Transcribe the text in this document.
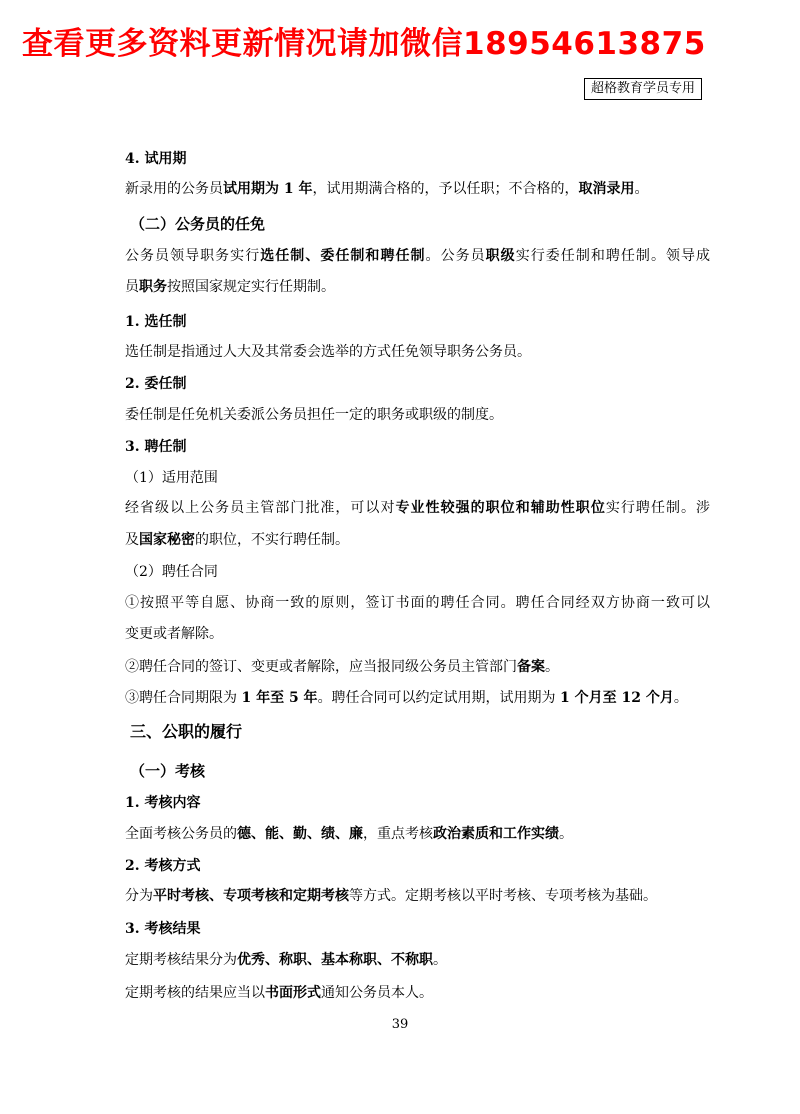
查看更多资料更新情况请加微信18954613875
超格教育学员专用
4. 试用期
新录用的公务员试用期为 1 年，试用期满合格的，予以任职；不合格的，取消录用。
（二）公务员的任免
公务员领导职务实行选任制、委任制和聘任制。公务员职级实行委任制和聘任制。领导成
员职务按照国家规定实行任期制。
1. 选任制
选任制是指通过人大及其常委会选举的方式任免领导职务公务员。
2. 委任制
委任制是任免机关委派公务员担任一定的职务或职级的制度。
3. 聘任制
（1）适用范围
经省级以上公务员主管部门批准，可以对专业性较强的职位和辅助性职位实行聘任制。涉
及国家秘密的职位，不实行聘任制。
（2）聘任合同
①按照平等自愿、协商一致的原则，签订书面的聘任合同。聘任合同经双方协商一致可以
变更或者解除。
②聘任合同的签订、变更或者解除，应当报同级公务员主管部门备案。
③聘任合同期限为 1 年至 5 年。聘任合同可以约定试用期，试用期为 1 个月至 12 个月。
三、公职的履行
（一）考核
1. 考核内容
全面考核公务员的德、能、勤、绩、廉，重点考核政治素质和工作实绩。
2. 考核方式
分为平时考核、专项考核和定期考核等方式。定期考核以平时考核、专项考核为基础。
3. 考核结果
定期考核结果分为优秀、称职、基本称职、不称职。
定期考核的结果应当以书面形式通知公务员本人。
39
